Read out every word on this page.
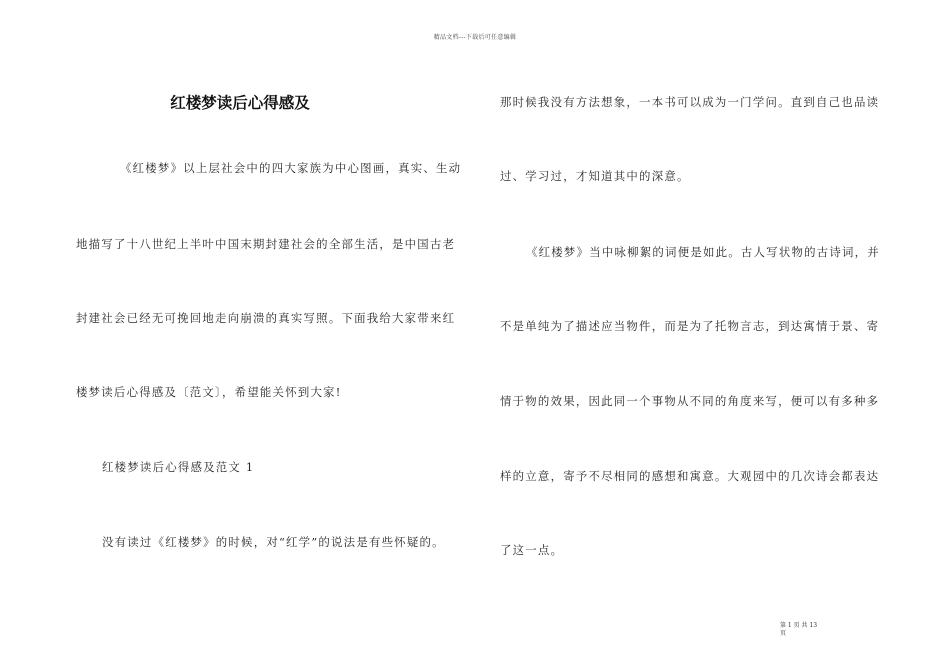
精品文档---下载后可任意编辑
红楼梦读后心得感及
《红楼梦》以上层社会中的四大家族为中心图画，真实、生动
地描写了十八世纪上半叶中国末期封建社会的全部生活，是中国古老
封建社会已经无可挽回地走向崩溃的真实写照。下面我给大家带来红
楼梦读后心得感及〔范文〕，希望能关怀到大家!
红楼梦读后心得感及范文 1
没有读过《红楼梦》的时候，对“红学”的说法是有些怀疑的。
那时候我没有方法想象，一本书可以成为一门学问。直到自己也品读
过、学习过，才知道其中的深意。
《红楼梦》当中咏柳絮的词便是如此。古人写状物的古诗词，并
不是单纯为了描述应当物件，而是为了托物言志，到达寓情于景、寄
情于物的效果，因此同一个事物从不同的角度来写，便可以有多种多
样的立意，寄予不尽相同的感想和寓意。大观园中的几次诗会都表达
了这一点。
第 1 页 共 13
页
